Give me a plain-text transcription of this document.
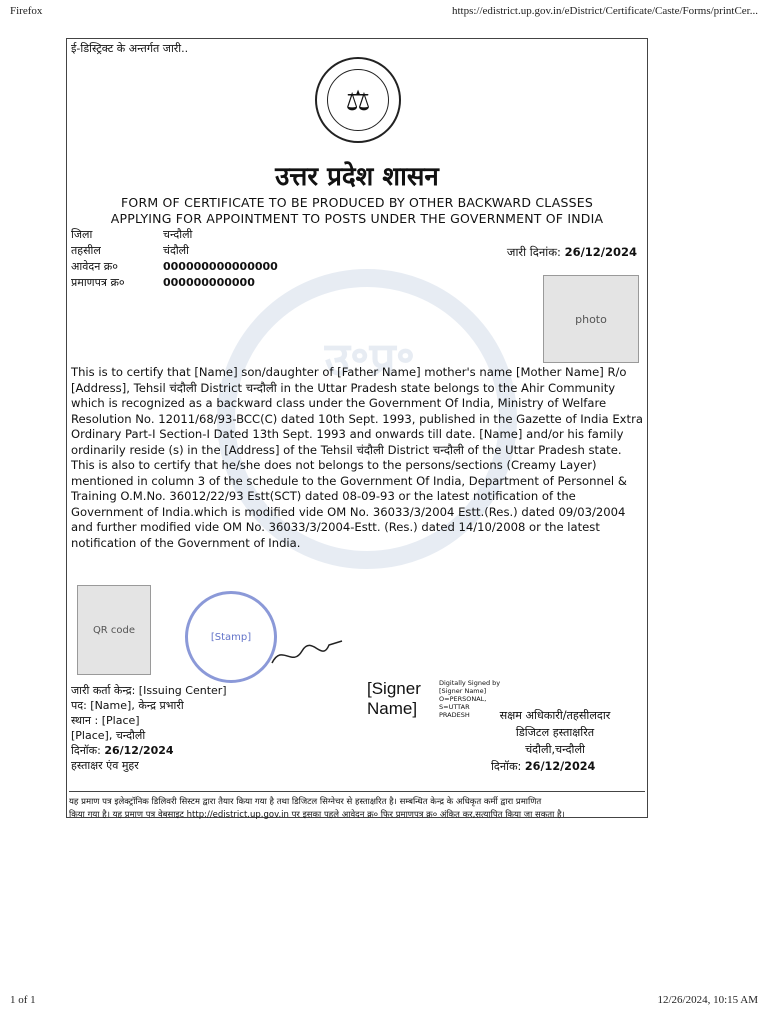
Firefox	https://edistrict.up.gov.in/eDistrict/Certificate/Caste/Forms/printCer...
उ॰प्र॰
ई-डिस्ट्रिक्ट के अन्तर्गत जारी..
⚖
उत्तर प्रदेश शासन
FORM OF CERTIFICATE TO BE PRODUCED BY OTHER BACKWARD CLASSES
APPLYING FOR APPOINTMENT TO POSTS UNDER THE GOVERNMENT OF INDIA
जिला	चन्दौली
तहसील	चंदौली
आवेदन क्र०	000000000000000
प्रमाणपत्र क्र०	000000000000
जारी दिनांक: 26/12/2024
photo

This is to certify that [Name] son/daughter of [Father Name] mother's name [Mother Name] R/o [Address], Tehsil चंदौली District चन्दौली in the Uttar Pradesh state belongs to the Ahir Community which is recognized as a backward class under the Government Of India, Ministry of Welfare Resolution No. 12011/68/93-BCC(C) dated 10th Sept. 1993, published in the Gazette of India Extra Ordinary Part-I Section-I Dated 13th Sept. 1993 and onwards till date. [Name] and/or his family ordinarily reside (s) in the [Address] of the Tehsil चंदौली District चन्दौली of the Uttar Pradesh state.

This is also to certify that he/she does not belongs to the persons/sections (Creamy Layer) mentioned in column 3 of the schedule to the Government Of India, Department of Personnel & Training O.M.No. 36012/22/93 Estt(SCT) dated 08-09-93 or the latest notification of the Government of India.which is modified vide OM No. 36033/3/2004 Estt.(Res.) dated 09/03/2004 and further modified vide OM No. 36033/3/2004-Estt. (Res.) dated 14/10/2008 or the latest notification of the Government of India.

QR code
[Stamp]
जारी कर्ता केन्द्र: [Issuing Center]
पद: [Name], केन्द्र प्रभारी
स्थान : [Place]
[Place], चन्दौली
दिनॉक: 26/12/2024
हस्ताक्षर एंव मुहर
[Signer
Name]
Digitally Signed by
[Signer Name]
O=PERSONAL,
S=UTTAR
PRADESH	सक्षम अधिकारी/तहसीलदार
डिजिटल हस्ताक्षरित
चंदौली,चन्दौली
दिनॉक: 26/12/2024
यह प्रमाण पत्र इलेक्ट्रॉनिक डिलिवरी सिस्टम द्वारा तैयार किया गया है तथा डिजिटल सिग्नेचर से हस्ताक्षरित है। सम्बन्धित केन्द्र के अधिकृत कर्मी द्वारा प्रमाणित
किया गया है। यह प्रमाण पत्र वेबसाइट http://edistrict.up.gov.in पर इसका पहले आवेदन क्र० फिर प्रमाणपत्र क्र० अंकित कर,सत्यापित किया जा सकता है।
1 of 1	12/26/2024, 10:15 AM
